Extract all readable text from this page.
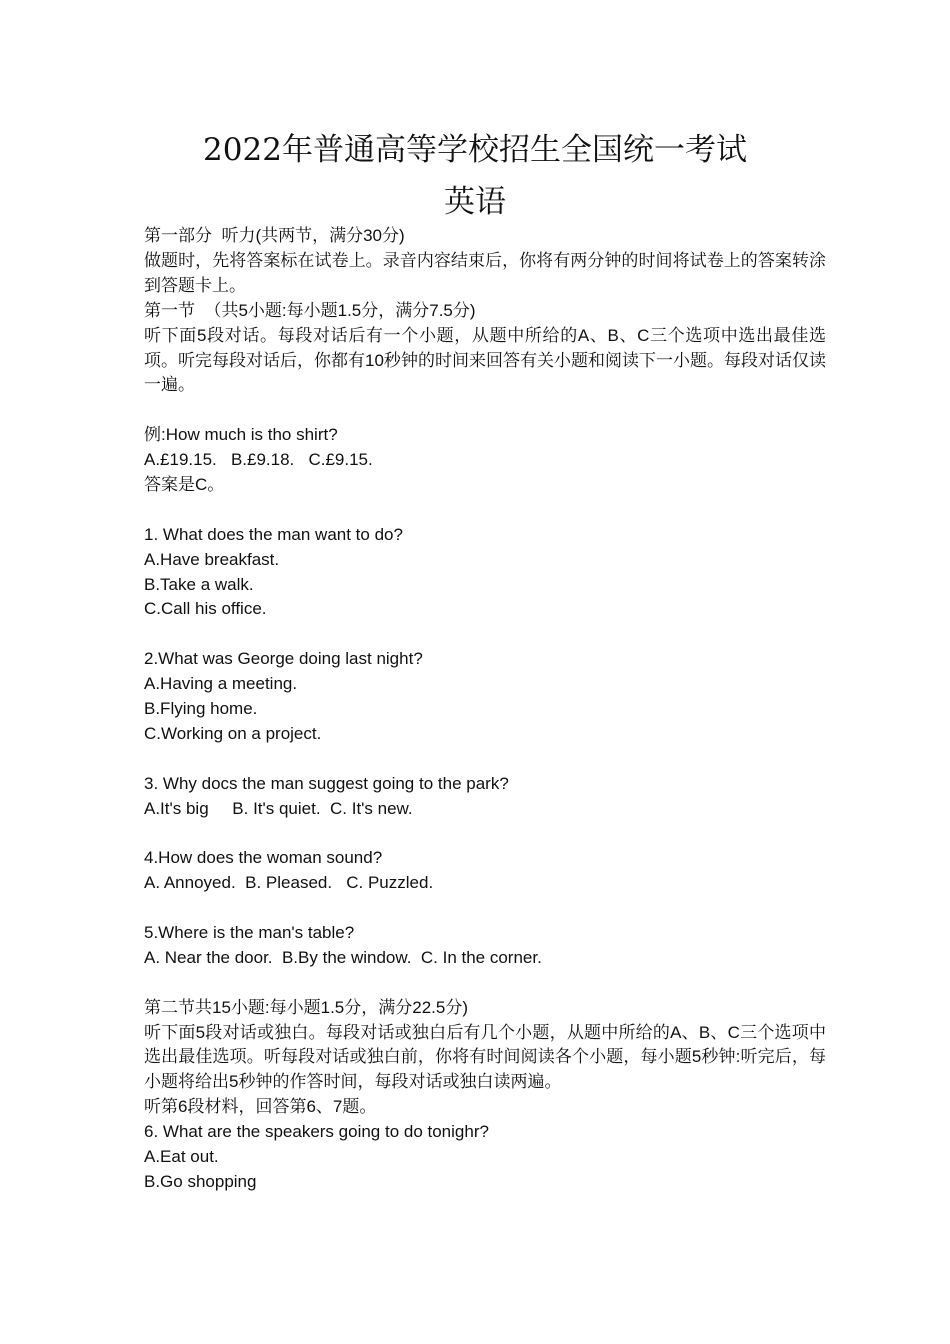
2022年普通高等学校招生全国统一考试
英语
第一部分  听力(共两节，满分30分)
做题时，先将答案标在试卷上。录音内容结束后，你将有两分钟的时间将试卷上的答案转涂到答题卡上。
第一节  （共5小题:每小题1.5分，满分7.5分)
听下面5段对话。每段对话后有一个小题，从题中所给的A、B、C三个选项中选出最佳选项。听完每段对话后，你都有10秒钟的时间来回答有关小题和阅读下一小题。每段对话仅读一遍。
例:How much is tho shirt?
A.£19.15.   B.£9.18.   C.£9.15.
答案是C。
1. What does the man want to do?
A.Have breakfast.
B.Take a walk.
C.Call his office.
2.What was George doing last night?
A.Having a meeting.
B.Flying home.
C.Working on a project.
3. Why docs the man suggest going to the park?
A.It's big     B. It's quiet.  C. It's new.
4.How does the woman sound?
A. Annoyed.  B. Pleased.   C. Puzzled.
5.Where is the man's table?
A. Near the door.  B.By the window.  C. In the corner.
第二节共15小题:每小题1.5分，满分22.5分)
听下面5段对话或独白。每段对话或独白后有几个小题，从题中所给的A、B、C三个选项中选出最佳选项。听每段对话或独白前，你将有时间阅读各个小题，每小题5秒钟:听完后，每小题将给出5秒钟的作答时间，每段对话或独白读两遍。
听第6段材料，回答第6、7题。
6. What are the speakers going to do tonighr?
A.Eat out.
B.Go shopping
